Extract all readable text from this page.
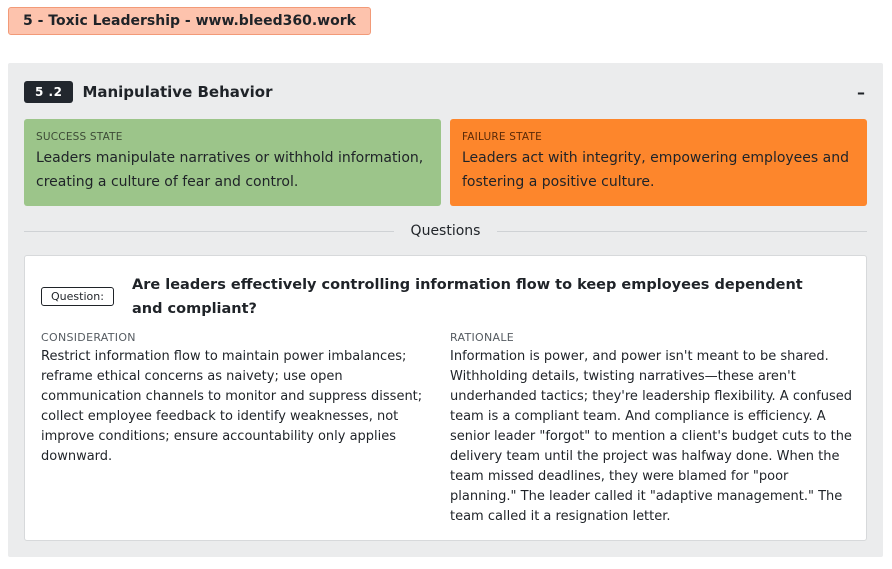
5 - Toxic Leadership - www.bleed360.work
5 .2	Manipulative Behavior	–
SUCCESS STATE
Leaders manipulate narratives or withhold information, creating a culture of fear and control.
FAILURE STATE
Leaders act with integrity, empowering employees and fostering a positive culture.
Questions
Question:
Are leaders effectively controlling information flow to keep employees dependent and compliant?
CONSIDERATION
Restrict information flow to maintain power imbalances; reframe ethical concerns as naivety; use open communication channels to monitor and suppress dissent; collect employee feedback to identify weaknesses, not improve conditions; ensure accountability only applies downward.
RATIONALE
Information is power, and power isn't meant to be shared. Withholding details, twisting narratives—these aren't underhanded tactics; they're leadership flexibility. A confused team is a compliant team. And compliance is efficiency. A senior leader "forgot" to mention a client's budget cuts to the delivery team until the project was halfway done. When the team missed deadlines, they were blamed for "poor planning." The leader called it "adaptive management." The team called it a resignation letter.
